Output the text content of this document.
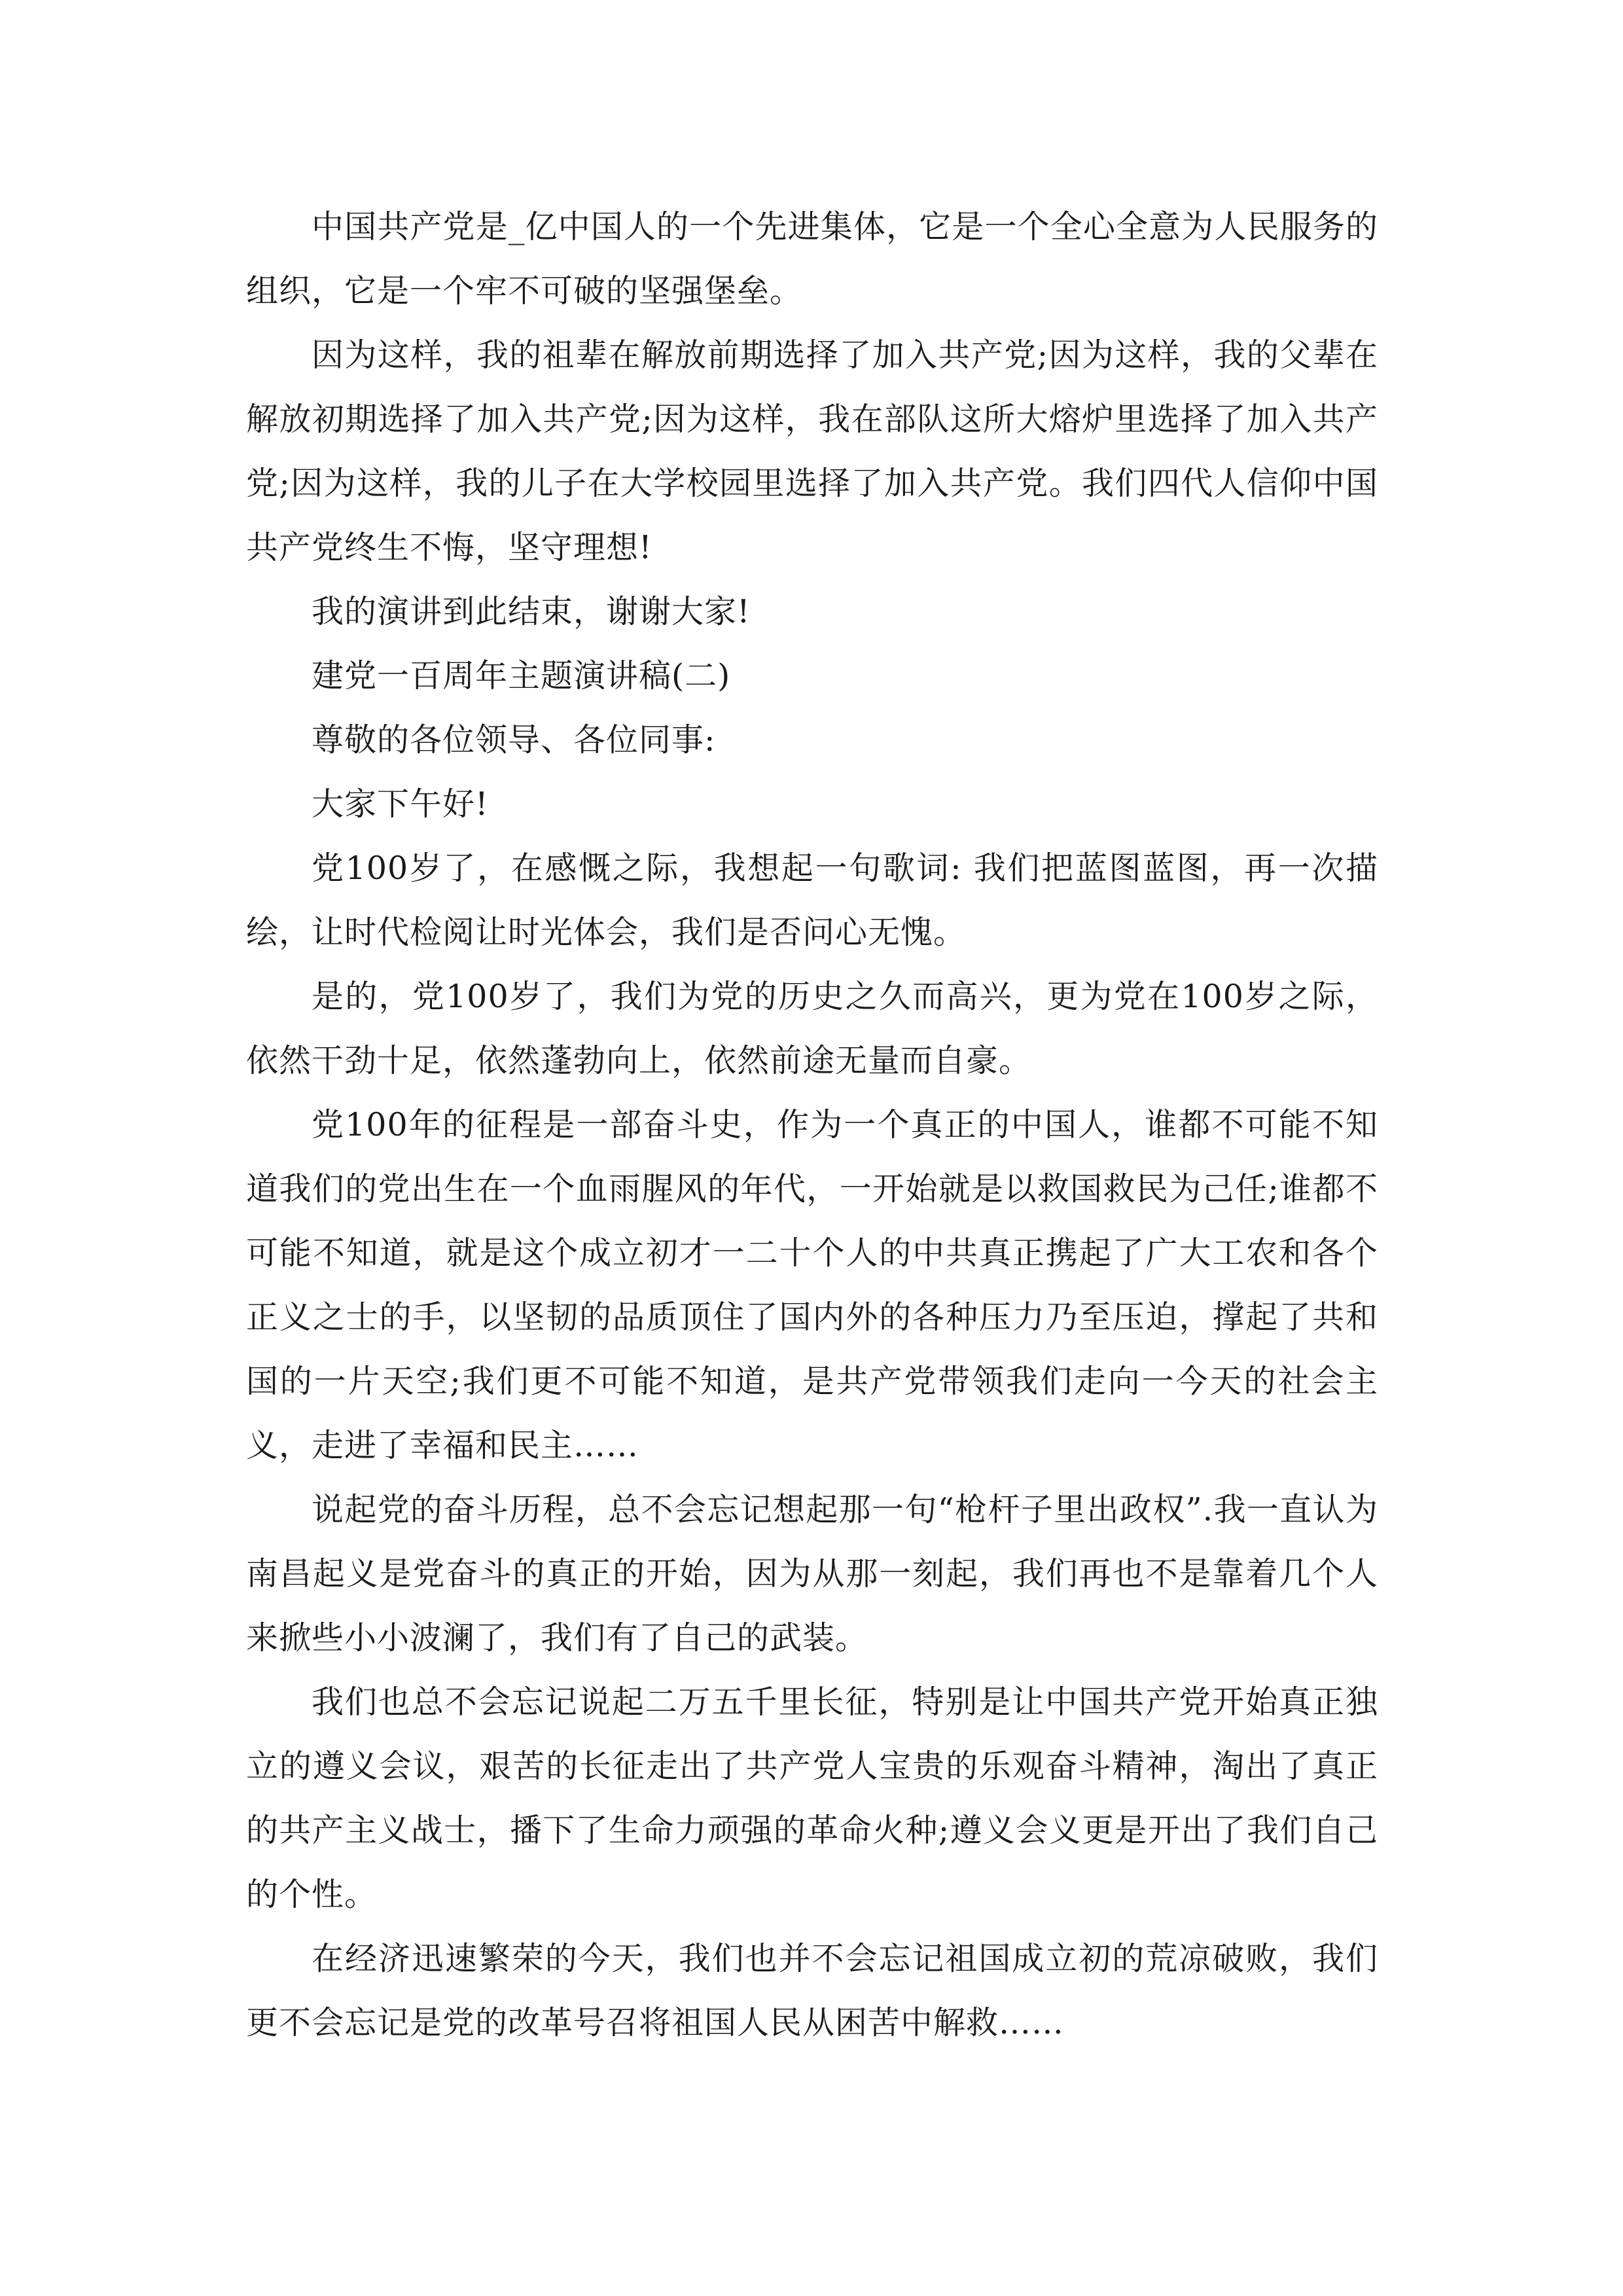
中国共产党是_亿中国人的一个先进集体，它是一个全心全意为人民服务的组织，它是一个牢不可破的坚强堡垒。

因为这样，我的祖辈在解放前期选择了加入共产党;因为这样，我的父辈在解放初期选择了加入共产党;因为这样，我在部队这所大熔炉里选择了加入共产党;因为这样，我的儿子在大学校园里选择了加入共产党。我们四代人信仰中国共产党终生不悔，坚守理想!

我的演讲到此结束，谢谢大家!

建党一百周年主题演讲稿(二)

尊敬的各位领导、各位同事:

大家下午好!

党100岁了，在感慨之际，我想起一句歌词: 我们把蓝图蓝图，再一次描绘，让时代检阅让时光体会，我们是否问心无愧。

是的，党100岁了，我们为党的历史之久而高兴，更为党在100岁之际，依然干劲十足，依然蓬勃向上，依然前途无量而自豪。

党100年的征程是一部奋斗史，作为一个真正的中国人，谁都不可能不知道我们的党出生在一个血雨腥风的年代，一开始就是以救国救民为己任;谁都不可能不知道，就是这个成立初才一二十个人的中共真正携起了广大工农和各个正义之士的手，以坚韧的品质顶住了国内外的各种压力乃至压迫，撑起了共和国的一片天空;我们更不可能不知道，是共产党带领我们走向一今天的社会主义，走进了幸福和民主……

说起党的奋斗历程，总不会忘记想起那一句“枪杆子里出政权”.我一直认为南昌起义是党奋斗的真正的开始，因为从那一刻起，我们再也不是靠着几个人来掀些小小波澜了，我们有了自己的武装。

我们也总不会忘记说起二万五千里长征，特别是让中国共产党开始真正独立的遵义会议，艰苦的长征走出了共产党人宝贵的乐观奋斗精神，淘出了真正的共产主义战士，播下了生命力顽强的革命火种;遵义会义更是开出了我们自己的个性。

在经济迅速繁荣的今天，我们也并不会忘记祖国成立初的荒凉破败，我们更不会忘记是党的改革号召将祖国人民从困苦中解救……
